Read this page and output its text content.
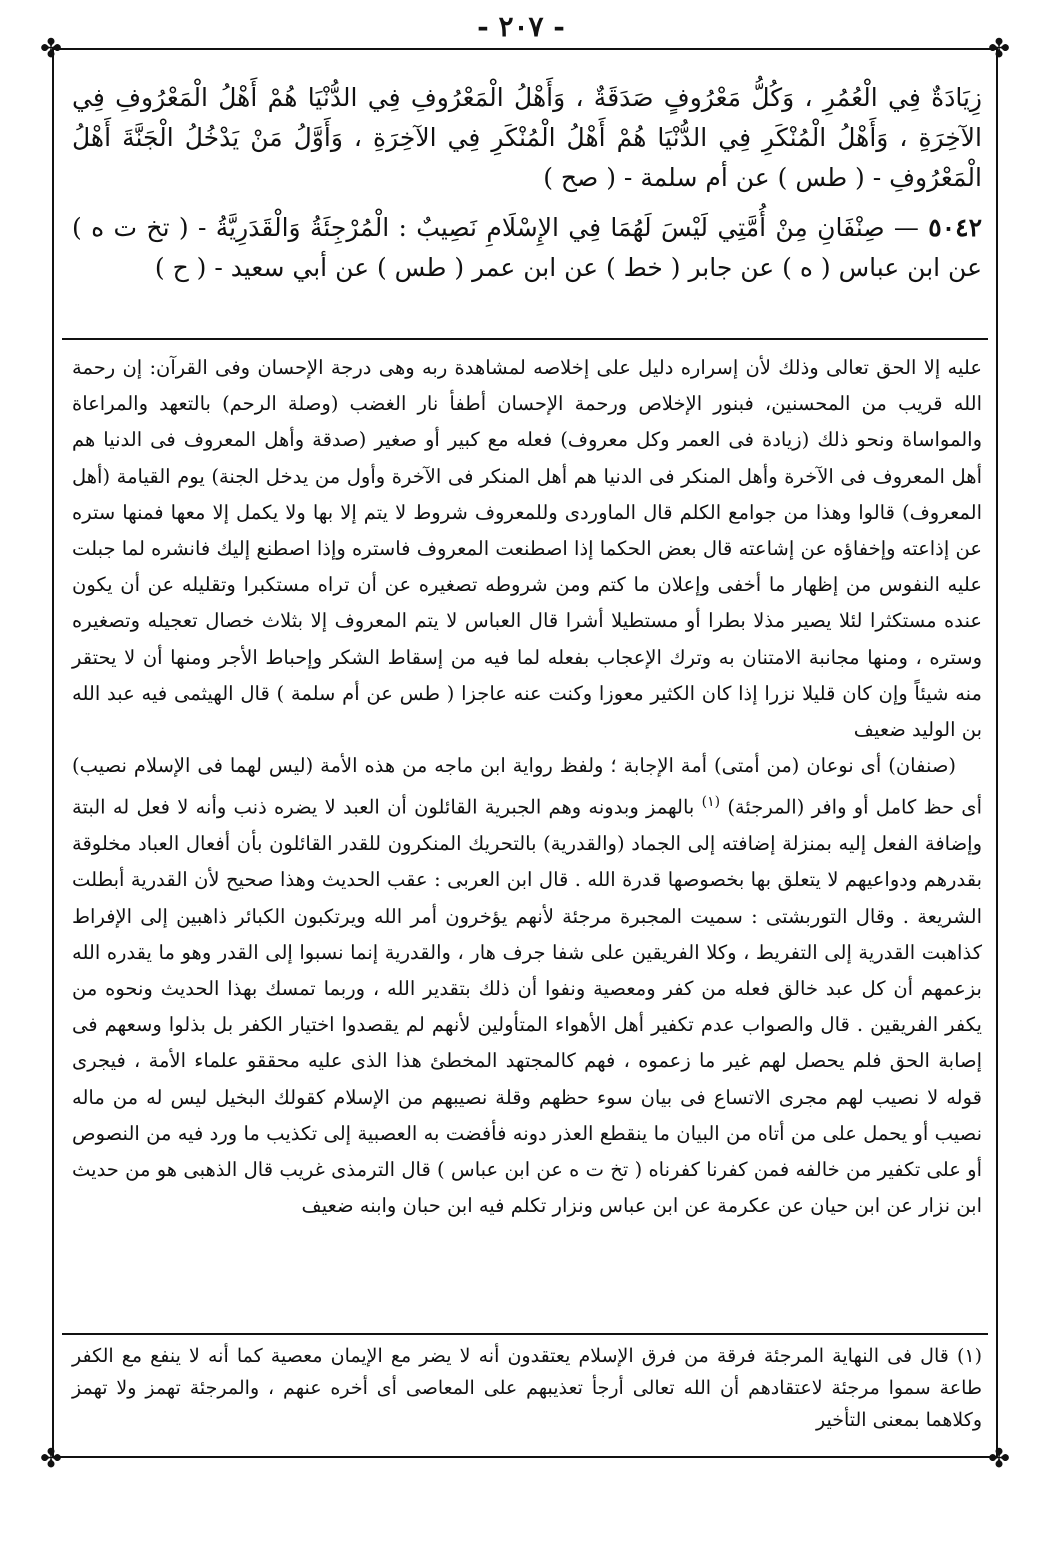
- ٢٠٧ -
✤	✤
✤	✤

زِيَادَةٌ فِي الْعُمُرِ ، وَكُلُّ مَعْرُوفٍ صَدَقَةٌ ، وَأَهْلُ الْمَعْرُوفِ فِي الدُّنْيَا هُمْ أَهْلُ الْمَعْرُوفِ فِي الآخِرَةِ ، وَأَهْلُ الْمُنْكَرِ فِي الدُّنْيَا هُمْ أَهْلُ الْمُنْكَرِ فِي الآخِرَةِ ، وَأَوَّلُ مَنْ يَدْخُلُ الْجَنَّةَ أَهْلُ الْمَعْرُوفِ - ( طس ) عن أم سلمة - ( صح )

٥٠٤٢ — صِنْفَانِ مِنْ أُمَّتِي لَيْسَ لَهُمَا فِي الإِسْلَامِ نَصِيبٌ : الْمُرْجِئَةُ وَالْقَدَرِيَّةُ - ( تخ ت ه ) عن ابن عباس ( ه ) عن جابر ( خط ) عن ابن عمر ( طس ) عن أبي سعيد - ( ح )

عليه إلا الحق تعالى وذلك لأن إسراره دليل على إخلاصه لمشاهدة ربه وهى درجة الإحسان وفى القرآن: إن رحمة الله قريب من المحسنين، فبنور الإخلاص ورحمة الإحسان أطفأ نار الغضب (وصلة الرحم) بالتعهد والمراعاة والمواساة ونحو ذلك (زيادة فى العمر وكل معروف) فعله مع كبير أو صغير (صدقة وأهل المعروف فى الدنيا هم أهل المعروف فى الآخرة وأهل المنكر فى الدنيا هم أهل المنكر فى الآخرة وأول من يدخل الجنة) يوم القيامة (أهل المعروف) قالوا وهذا من جوامع الكلم قال الماوردى وللمعروف شروط لا يتم إلا بها ولا يكمل إلا معها فمنها ستره عن إذاعته وإخفاؤه عن إشاعته قال بعض الحكما إذا اصطنعت المعروف فاستره وإذا اصطنع إليك فانشره لما جبلت عليه النفوس من إظهار ما أخفى وإعلان ما كتم ومن شروطه تصغيره عن أن تراه مستكبرا وتقليله عن أن يكون عنده مستكثرا لئلا يصير مذلا بطرا أو مستطيلا أشرا قال العباس لا يتم المعروف إلا بثلاث خصال تعجيله وتصغيره وستره ، ومنها مجانبة الامتنان به وترك الإعجاب بفعله لما فيه من إسقاط الشكر وإحباط الأجر ومنها أن لا يحتقر منه شيئاً وإن كان قليلا نزرا إذا كان الكثير معوزا وكنت عنه عاجزا ( طس عن أم سلمة ) قال الهيثمى فيه عبد الله بن الوليد ضعيف

(صنفان) أى نوعان (من أمتى) أمة الإجابة ؛ ولفظ رواية ابن ماجه من هذه الأمة (ليس لهما فى الإسلام نصيب) أى حظ كامل أو وافر (المرجئة) $^{(١)}$ بالهمز وبدونه وهم الجبرية القائلون أن العبد لا يضره ذنب وأنه لا فعل له البتة وإضافة الفعل إليه بمنزلة إضافته إلى الجماد (والقدرية) بالتحريك المنكرون للقدر القائلون بأن أفعال العباد مخلوقة بقدرهم ودواعيهم لا يتعلق بها بخصوصها قدرة الله . قال ابن العربى : عقب الحديث وهذا صحيح لأن القدرية أبطلت الشريعة . وقال التوربشتى : سميت المجبرة مرجئة لأنهم يؤخرون أمر الله ويرتكبون الكبائر ذاهبين إلى الإفراط كذاهبت القدرية إلى التفريط ، وكلا الفريقين على شفا جرف هار ، والقدرية إنما نسبوا إلى القدر وهو ما يقدره الله بزعمهم أن كل عبد خالق فعله من كفر ومعصية ونفوا أن ذلك بتقدير الله ، وربما تمسك بهذا الحديث ونحوه من يكفر الفريقين . قال والصواب عدم تكفير أهل الأهواء المتأولين لأنهم لم يقصدوا اختيار الكفر بل بذلوا وسعهم فى إصابة الحق فلم يحصل لهم غير ما زعموه ، فهم كالمجتهد المخطئ هذا الذى عليه محققو علماء الأمة ، فيجرى قوله لا نصيب لهم مجرى الاتساع فى بيان سوء حظهم وقلة نصيبهم من الإسلام كقولك البخيل ليس له من ماله نصيب أو يحمل على من أتاه من البيان ما ينقطع العذر دونه فأفضت به العصبية إلى تكذيب ما ورد فيه من النصوص أو على تكفير من خالفه فمن كفرنا كفرناه ( تخ ت ه عن ابن عباس ) قال الترمذى غريب قال الذهبى هو من حديث ابن نزار عن ابن حيان عن عكرمة عن ابن عباس ونزار تكلم فيه ابن حبان وابنه ضعيف

(١) قال فى النهاية المرجئة فرقة من فرق الإسلام يعتقدون أنه لا يضر مع الإيمان معصية كما أنه لا ينفع مع الكفر طاعة سموا مرجئة لاعتقادهم أن الله تعالى أرجأ تعذيبهم على المعاصى أى أخره عنهم ، والمرجئة تهمز ولا تهمز وكلاهما بمعنى التأخير
